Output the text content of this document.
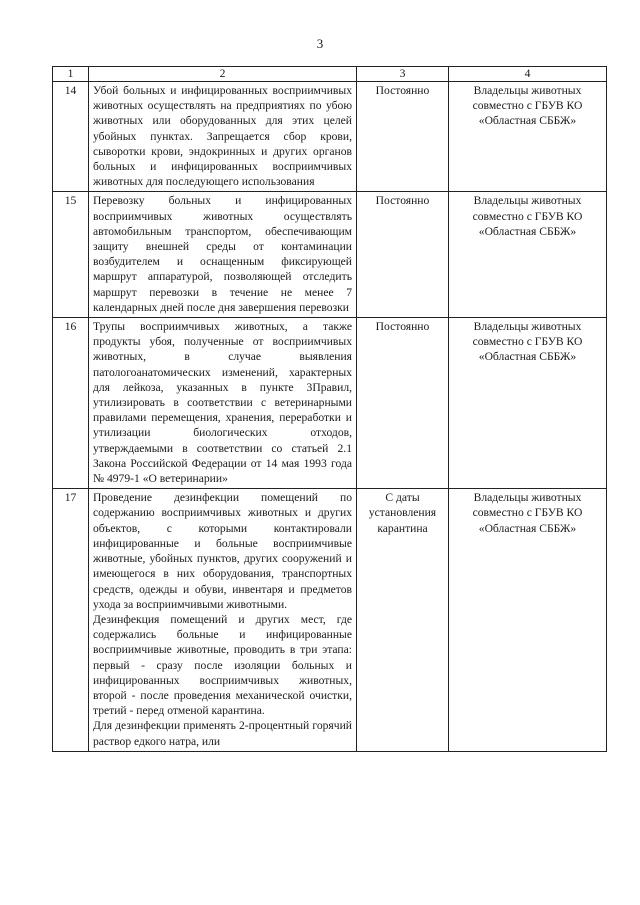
3
1	2	3	4
14	Убой больных и инфицированных восприимчивых животных осуществлять на предприятиях по убою животных или оборудованных для этих целей убойных пунктах. Запрещается сбор крови, сыворотки крови, эндокринных и других органов больных и инфицированных восприимчивых животных для последующего использования	Постоянно	Владельцы животных совместно с ГБУВ КО «Областная СББЖ»
15	Перевозку больных и инфицированных восприимчивых животных осуществлять автомобильным транспортом, обеспечивающим защиту внешней среды от контаминации возбудителем и оснащенным фиксирующей маршрут аппаратурой, позволяющей отследить маршрут перевозки в течение не менее 7 календарных дней после дня завершения перевозки	Постоянно	Владельцы животных совместно с ГБУВ КО «Областная СББЖ»
16	Трупы восприимчивых животных, а также продукты убоя, полученные от восприимчивых животных, в случае выявления патологоанатомических изменений, характерных для лейкоза, указанных в пункте 3Правил, утилизировать в соответствии с ветеринарными правилами перемещения, хранения, переработки и утилизации биологических отходов, утверждаемыми в соответствии со статьей 2.1 Закона Российской Федерации от 14 мая 1993 года № 4979-1 «О ветеринарии»	Постоянно	Владельцы животных совместно с ГБУВ КО «Областная СББЖ»
17	Проведение дезинфекции помещений по содержанию восприимчивых животных и других объектов, с которыми контактировали инфицированные и больные восприимчивые животные, убойных пунктов, других сооружений и имеющегося в них оборудования, транспортных средств, одежды и обуви, инвентаря и предметов ухода за восприимчивыми животными.

Дезинфекция помещений и других мест, где содержались больные и инфицированные восприимчивые животные, проводить в три этапа: первый - сразу после изоляции больных и инфицированных восприимчивых животных, второй - после проведения механической очистки, третий - перед отменой карантина.

Для дезинфекции применять 2-процентный горячий раствор едкого натра, или	С даты установления карантина	Владельцы животных совместно с ГБУВ КО «Областная СББЖ»
